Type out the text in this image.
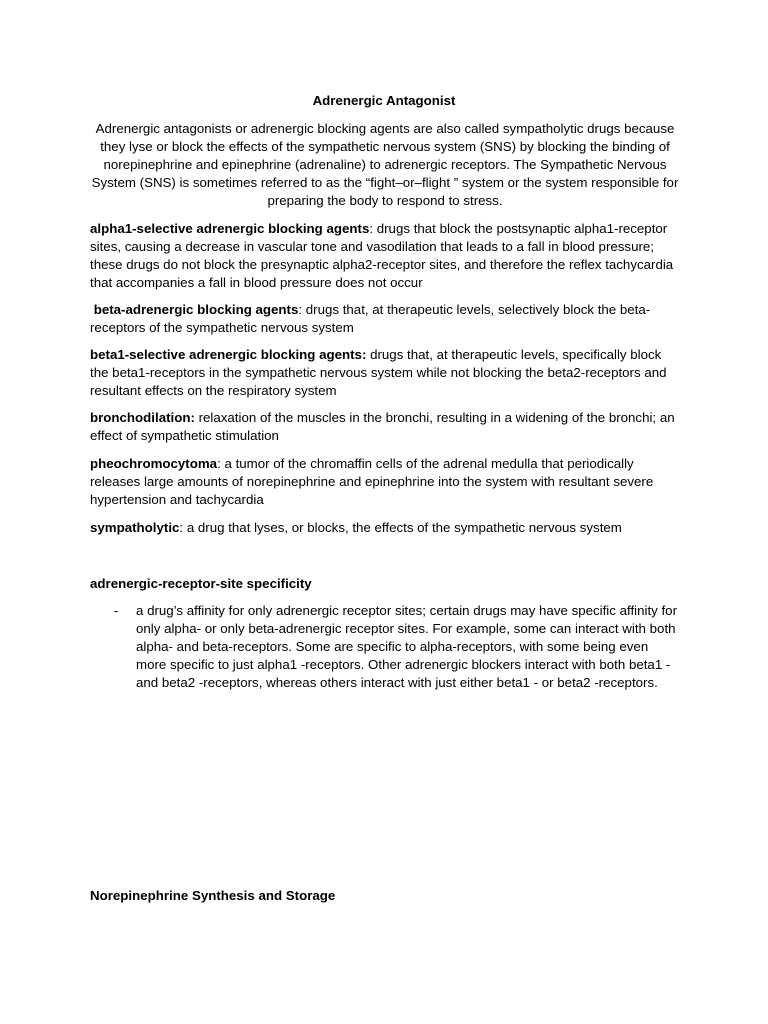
Adrenergic Antagonist
Adrenergic antagonists or adrenergic blocking agents are also called sympatholytic drugs because they lyse or block the effects of the sympathetic nervous system (SNS) by blocking the binding of norepinephrine and epinephrine (adrenaline) to adrenergic receptors. The Sympathetic Nervous System (SNS) is sometimes referred to as the “fight–or–flight ” system or the system responsible for preparing the body to respond to stress.
alpha1-selective adrenergic blocking agents: drugs that block the postsynaptic alpha1-receptor sites, causing a decrease in vascular tone and vasodilation that leads to a fall in blood pressure; these drugs do not block the presynaptic alpha2-receptor sites, and therefore the reflex tachycardia that accompanies a fall in blood pressure does not occur
beta-adrenergic blocking agents: drugs that, at therapeutic levels, selectively block the beta-receptors of the sympathetic nervous system
beta1-selective adrenergic blocking agents: drugs that, at therapeutic levels, specifically block the beta1-receptors in the sympathetic nervous system while not blocking the beta2-receptors and resultant effects on the respiratory system
bronchodilation: relaxation of the muscles in the bronchi, resulting in a widening of the bronchi; an effect of sympathetic stimulation
pheochromocytoma: a tumor of the chromaffin cells of the adrenal medulla that periodically releases large amounts of norepinephrine and epinephrine into the system with resultant severe hypertension and tachycardia
sympatholytic: a drug that lyses, or blocks, the effects of the sympathetic nervous system
adrenergic-receptor-site specificity
- a drug’s affinity for only adrenergic receptor sites; certain drugs may have specific affinity for only alpha- or only beta-adrenergic receptor sites. For example, some can interact with both alpha- and beta-receptors. Some are specific to alpha-receptors, with some being even more specific to just alpha1 -receptors. Other adrenergic blockers interact with both beta1 - and beta2 -receptors, whereas others interact with just either beta1 - or beta2 -receptors.
Norepinephrine Synthesis and Storage
